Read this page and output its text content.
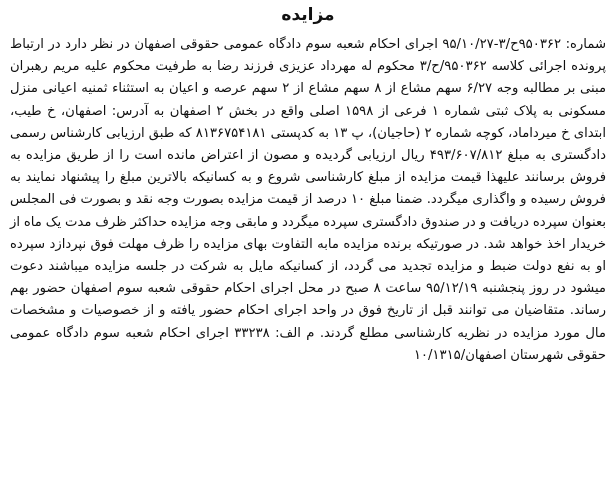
مزایده

شماره: ۹۵۰۳۶۲ح/۳-۹۵/۱۰/۲۷ اجرای احکام شعبه سوم دادگاه عمومی حقوقی اصفهان در نظر دارد در ارتباط پرونده اجرائی کلاسه ۹۵۰۳۶۲/ح/۳ محکوم له مهرداد عزیزی فرزند رضا به طرفیت محکوم علیه مریم رهبران مبنی بر مطالبه وجه ۶/۲۷ سهم مشاع از ۸ سهم مشاع از ۲ سهم عرصه و اعیان به استثناء ثمنیه اعیانی منزل مسکونی به پلاک ثبتی شماره ۱ فرعی از ۱۵۹۸ اصلی واقع در بخش ۲ اصفهان به آدرس: اصفهان، خ طیب، ابتدای خ میرداماد، کوچه شماره ۲ (حاجیان)، پ ۱۳ به کدپستی ۸۱۳۶۷۵۴۱۸۱ که طبق ارزیابی کارشناس رسمی دادگستری به مبلغ ۴۹۳/۶۰۷/۸۱۲ ریال ارزیابی گردیده و مصون از اعتراض مانده است را از طریق مزایده به فروش برسانند علیهذا قیمت مزایده از مبلغ کارشناسی شروع و به کسانیکه بالاترین مبلغ را پیشنهاد نمایند به فروش رسیده و واگذاری میگردد. ضمنا مبلغ ۱۰ درصد از قیمت مزایده بصورت وجه نقد و بصورت فی المجلس بعنوان سپرده دریافت و در صندوق دادگستری سپرده میگردد و مابقی وجه مزایده حداکثر ظرف مدت یک ماه از خریدار اخذ خواهد شد. در صورتیکه برنده مزایده مابه التفاوت بهای مزایده را ظرف مهلت فوق نپردازد سپرده او به نفع دولت ضبط و مزایده تجدید می گردد، از کسانیکه مایل به شرکت در جلسه مزایده میباشند دعوت میشود در روز پنجشنبه ۹۵/۱۲/۱۹ ساعت ۸ صبح در محل اجرای احکام حقوقی شعبه سوم اصفهان حضور بهم رساند. متقاضیان می توانند قبل از تاریخ فوق در واحد اجرای احکام حضور یافته و از خصوصیات و مشخصات مال مورد مزایده در نظریه کارشناسی مطلع گردند. م الف: ۳۳۲۳۸ اجرای احکام شعبه سوم دادگاه عمومی حقوقی شهرستان اصفهان/۱۰/۱۳۱۵
